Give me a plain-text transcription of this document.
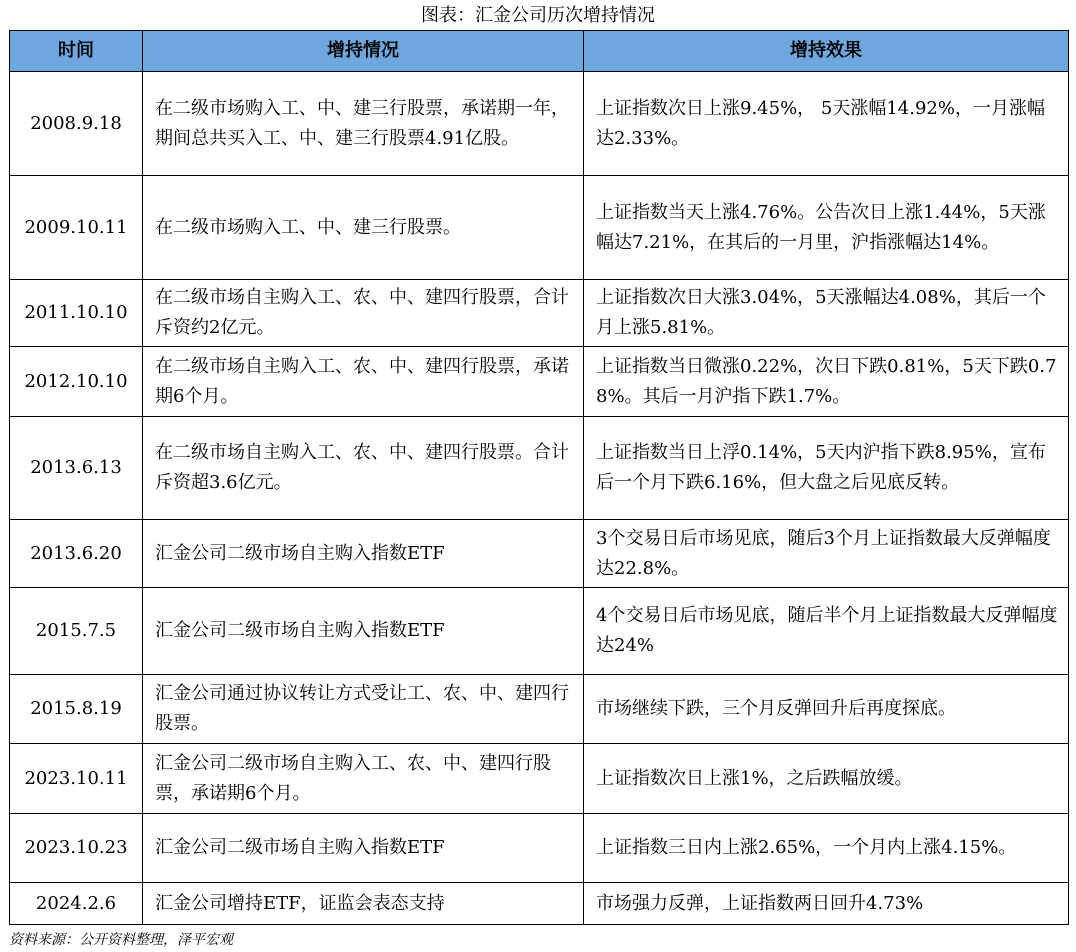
图表：汇金公司历次增持情况
时间	增持情况	增持效果
2008.9.18	在二级市场购入工、中、建三行股票，承诺期一年，期间总共买入工、中、建三行股票4.91亿股。	上证指数次日上涨9.45%， 5天涨幅14.92%，一月涨幅达2.33%。
2009.10.11	在二级市场购入工、中、建三行股票。	上证指数当天上涨4.76%。公告次日上涨1.44%，5天涨幅达7.21%，在其后的一月里，沪指涨幅达14%。
2011.10.10	在二级市场自主购入工、农、中、建四行股票，合计斥资约2亿元。	上证指数次日大涨3.04%，5天涨幅达4.08%，其后一个月上涨5.81%。
2012.10.10	在二级市场自主购入工、农、中、建四行股票，承诺期6个月。	上证指数当日微涨0.22%，次日下跌0.81%，5天下跌0.78%。其后一月沪指下跌1.7%。
2013.6.13	在二级市场自主购入工、农、中、建四行股票。合计斥资超3.6亿元。	上证指数当日上浮0.14%，5天内沪指下跌8.95%，宣布后一个月下跌6.16%，但大盘之后见底反转。
2013.6.20	汇金公司二级市场自主购入指数ETF	3个交易日后市场见底，随后3个月上证指数最大反弹幅度达22.8%。
2015.7.5	汇金公司二级市场自主购入指数ETF	4个交易日后市场见底，随后半个月上证指数最大反弹幅度达24%
2015.8.19	汇金公司通过协议转让方式受让工、农、中、建四行股票。	市场继续下跌，三个月反弹回升后再度探底。
2023.10.11	汇金公司二级市场自主购入工、农、中、建四行股票，承诺期6个月。	上证指数次日上涨1%，之后跌幅放缓。
2023.10.23	汇金公司二级市场自主购入指数ETF	上证指数三日内上涨2.65%，一个月内上涨4.15%。
2024.2.6	汇金公司增持ETF，证监会表态支持	市场强力反弹，上证指数两日回升4.73%
资料来源：公开资料整理，泽平宏观
